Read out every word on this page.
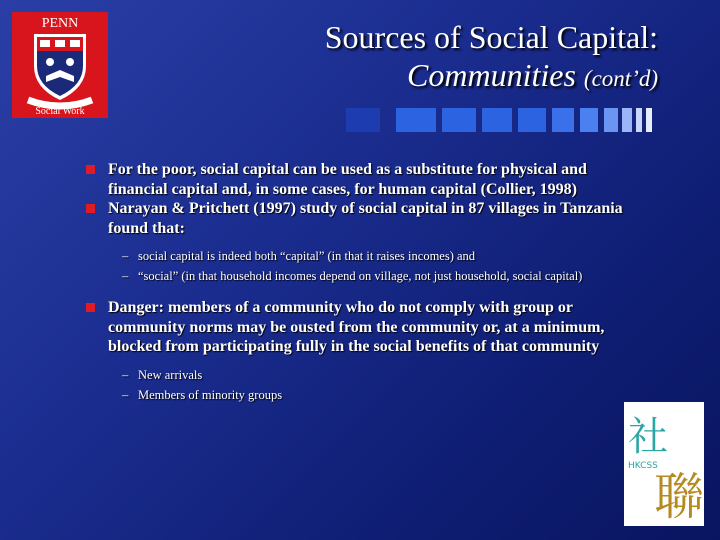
PENN
Social Work
Sources of Social Capital:
Communities (cont’d)
For the poor, social capital can be used as a substitute for physical and financial capital and, in some cases, for human capital (Collier, 1998)
Narayan & Pritchett (1997) study of social capital in 87 villages in Tanzania found that:
– social capital is indeed both “capital” (in that it raises incomes) and
– “social” (in that household incomes depend on village, not just household, social capital)
Danger: members of a community who do not comply with group or community norms may be ousted from the community or, at a minimum, blocked from participating fully in the social benefits of that community
– New arrivals
– Members of minority groups
社
HKCSS
聯
